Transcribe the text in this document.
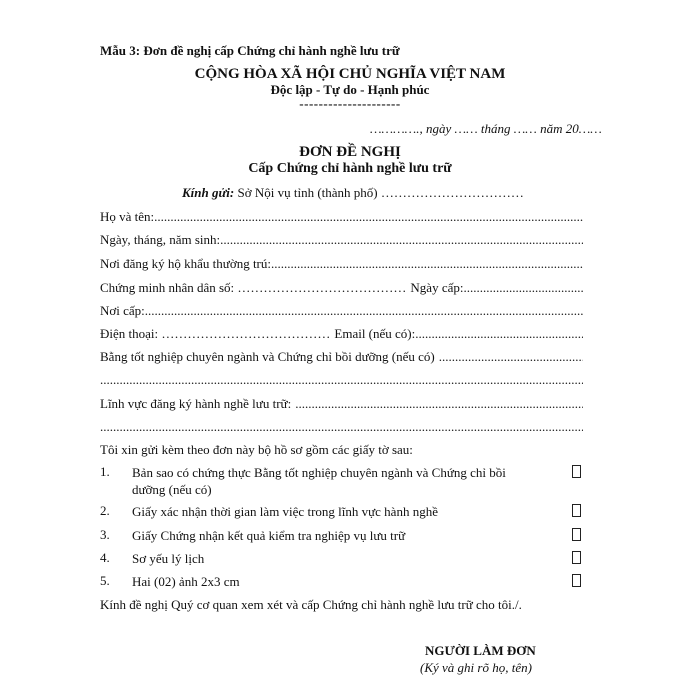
Mẫu 3: Đơn đề nghị cấp Chứng chỉ hành nghề lưu trữ
CỘNG HÒA XÃ HỘI CHỦ NGHĨA VIỆT NAM
Độc lập - Tự do - Hạnh phúc
---------------------
…………., ngày …… tháng …… năm 20……
ĐƠN ĐỀ NGHỊ
Cấp Chứng chỉ hành nghề lưu trữ
Kính gửi: Sở Nội vụ tỉnh (thành phố) ……………………………
Họ và tên:
.....
Ngày, tháng, năm sinh:
.....
Nơi đăng ký hộ khẩu thường trú:
.....
Chứng minh nhân dân số: ………………………………… Ngày cấp:
.....
Nơi cấp:
.....
Điện thoại: ………………………………… Email (nếu có):
.....
Bằng tốt nghiệp chuyên ngành và Chứng chỉ bồi dưỡng (nếu có)
.....
.....
Lĩnh vực đăng ký hành nghề lưu trữ:
.....
.....
Tôi xin gửi kèm theo đơn này bộ hồ sơ gồm các giấy tờ sau:
1. Bản sao có chứng thực Bằng tốt nghiệp chuyên ngành và Chứng chỉ bồi dưỡng (nếu có)
2. Giấy xác nhận thời gian làm việc trong lĩnh vực hành nghề
3. Giấy Chứng nhận kết quả kiểm tra nghiệp vụ lưu trữ
4. Sơ yếu lý lịch
5. Hai (02) ảnh 2x3 cm
Kính đề nghị Quý cơ quan xem xét và cấp Chứng chỉ hành nghề lưu trữ cho tôi./.
NGƯỜI LÀM ĐƠN
(Ký và ghi rõ họ, tên)
